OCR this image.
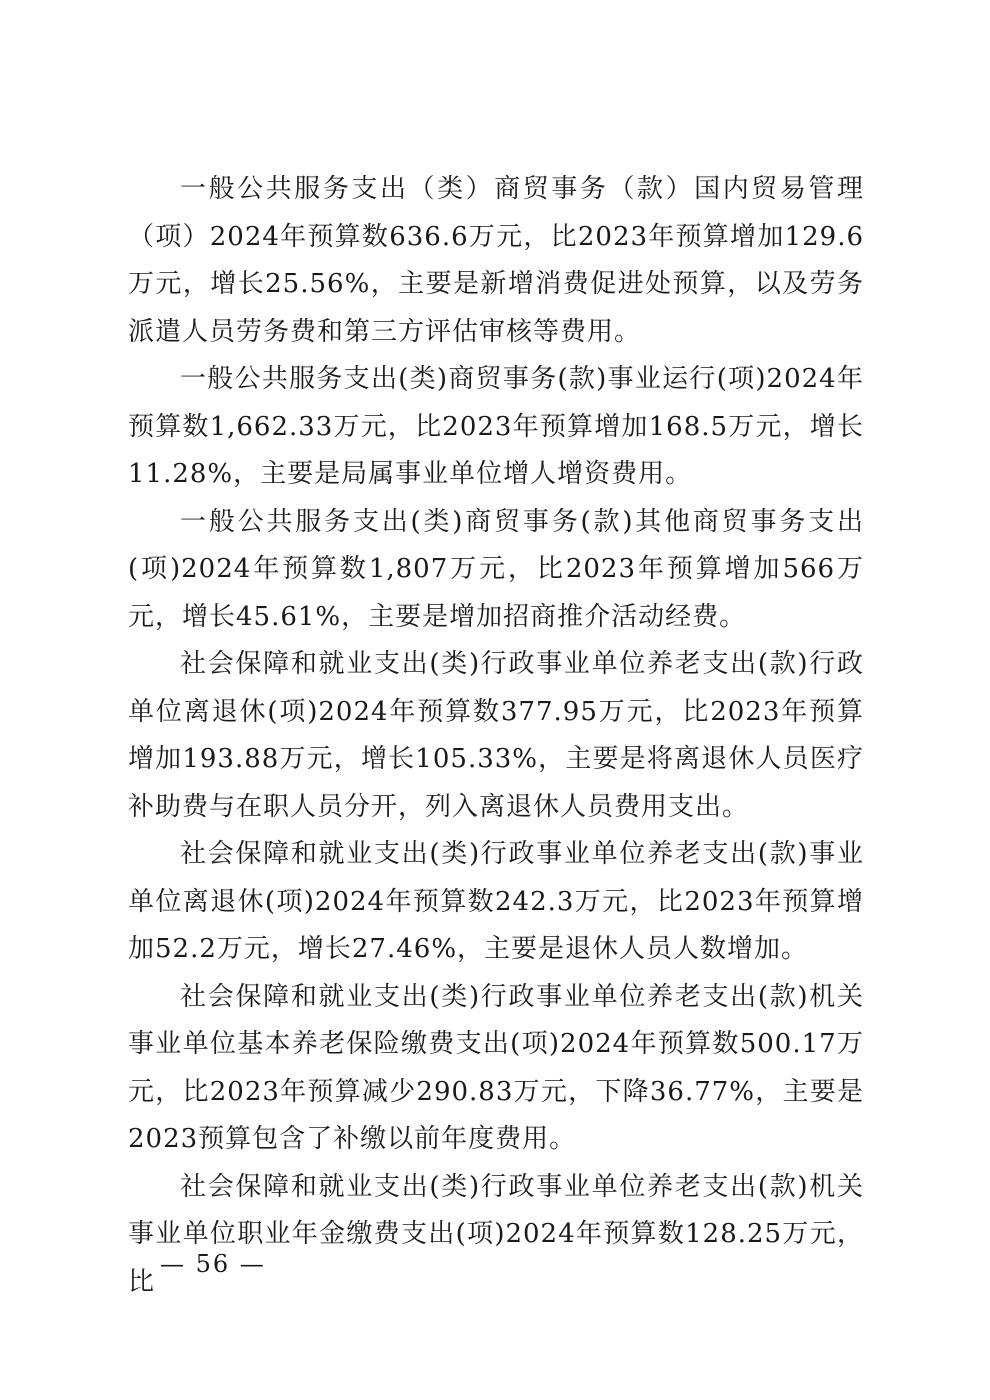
一般公共服务支出（类）商贸事务（款）国内贸易管理（项）2024年预算数636.6万元，比2023年预算增加129.6万元，增长25.56%，主要是新增消费促进处预算，以及劳务派遣人员劳务费和第三方评估审核等费用。

一般公共服务支出(类)商贸事务(款)事业运行(项)2024年预算数1,662.33万元，比2023年预算增加168.5万元，增长11.28%，主要是局属事业单位增人增资费用。

一般公共服务支出(类)商贸事务(款)其他商贸事务支出(项)2024年预算数1,807万元，比2023年预算增加566万元，增长45.61%，主要是增加招商推介活动经费。

社会保障和就业支出(类)行政事业单位养老支出(款)行政单位离退休(项)2024年预算数377.95万元，比2023年预算增加193.88万元，增长105.33%，主要是将离退休人员医疗补助费与在职人员分开，列入离退休人员费用支出。

社会保障和就业支出(类)行政事业单位养老支出(款)事业单位离退休(项)2024年预算数242.3万元，比2023年预算增加52.2万元，增长27.46%，主要是退休人员人数增加。

社会保障和就业支出(类)行政事业单位养老支出(款)机关事业单位基本养老保险缴费支出(项)2024年预算数500.17万元，比2023年预算减少290.83万元，下降36.77%，主要是2023预算包含了补缴以前年度费用。

社会保障和就业支出(类)行政事业单位养老支出(款)机关事业单位职业年金缴费支出(项)2024年预算数128.25万元，比

— 56 —
